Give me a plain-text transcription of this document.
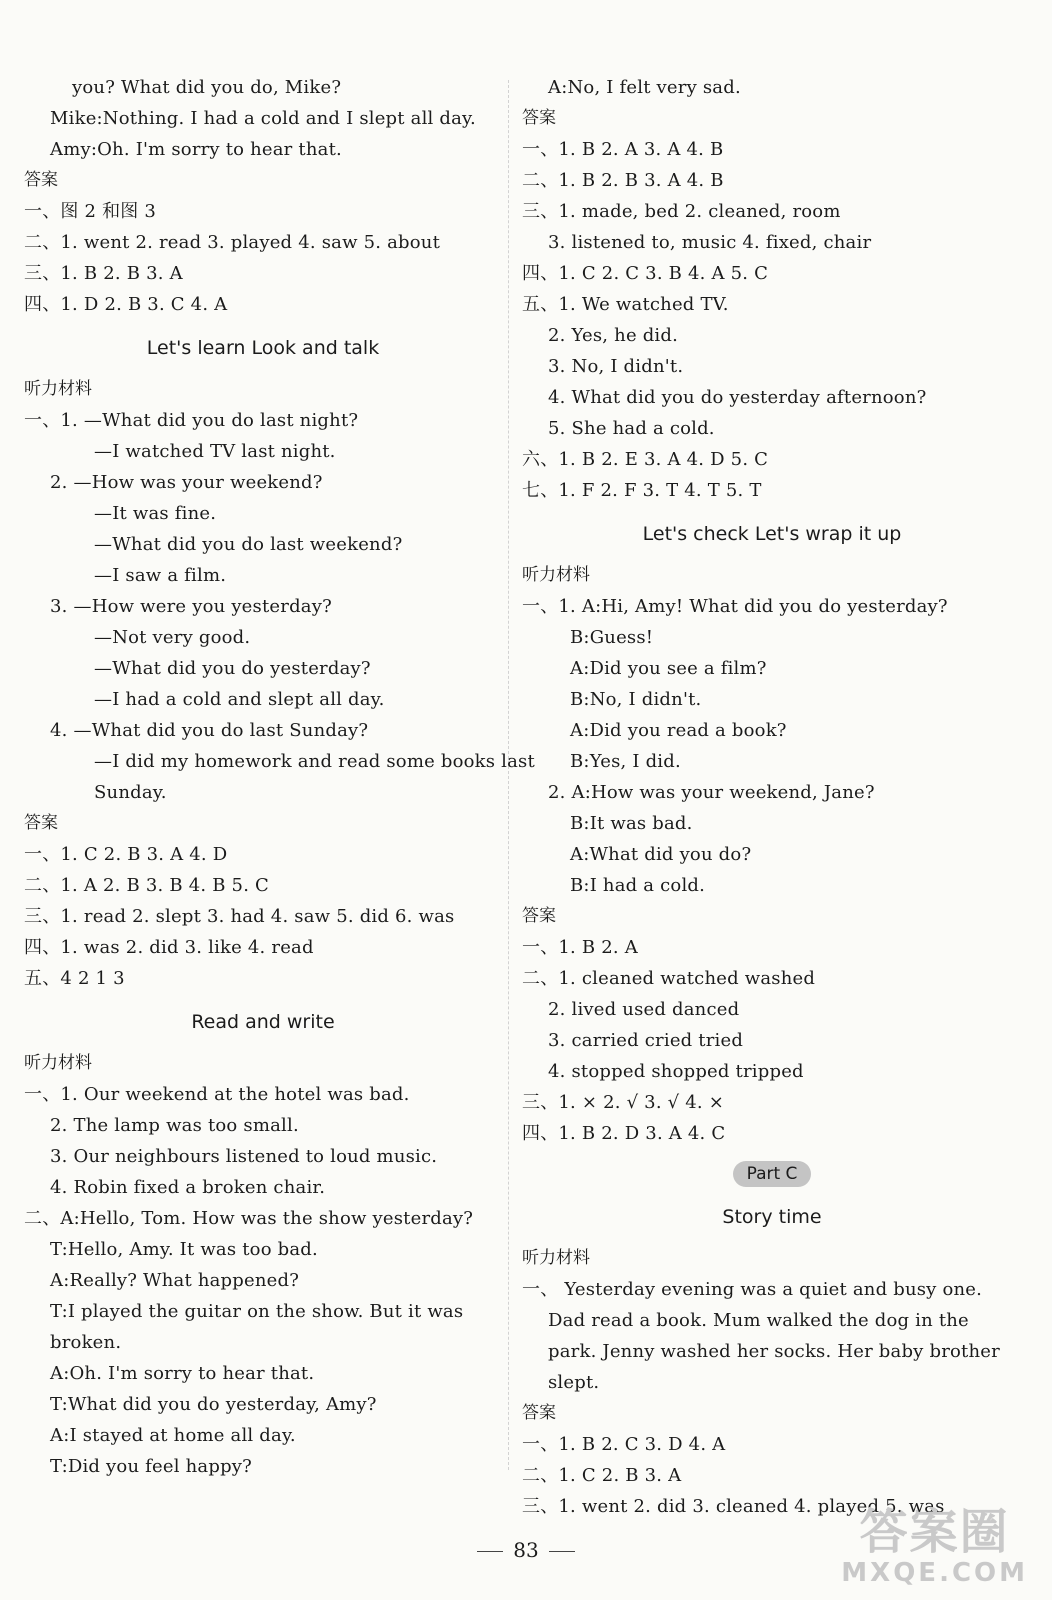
you? What did you do, Mike?
Mike:Nothing. I had a cold and I slept all day.
Amy:Oh. I'm sorry to hear that.
答案
一、图 2 和图 3
二、1. went 2. read 3. played 4. saw 5. about
三、1. B 2. B 3. A
四、1. D 2. B 3. C 4. A
Let's learn Look and talk
听力材料
一、1. —What did you do last night?
—I watched TV last night.
2. —How was your weekend?
—It was fine.
—What did you do last weekend?
—I saw a film.
3. —How were you yesterday?
—Not very good.
—What did you do yesterday?
—I had a cold and slept all day.
4. —What did you do last Sunday?
—I did my homework and read some books last
Sunday.
答案
一、1. C 2. B 3. A 4. D
二、1. A 2. B 3. B 4. B 5. C
三、1. read 2. slept 3. had 4. saw 5. did 6. was
四、1. was 2. did 3. like 4. read
五、4 2 1 3
Read and write
听力材料
一、1. Our weekend at the hotel was bad.
2. The lamp was too small.
3. Our neighbours listened to loud music.
4. Robin fixed a broken chair.
二、A:Hello, Tom. How was the show yesterday?
T:Hello, Amy. It was too bad.
A:Really? What happened?
T:I played the guitar on the show. But it was
broken.
A:Oh. I'm sorry to hear that.
T:What did you do yesterday, Amy?
A:I stayed at home all day.
T:Did you feel happy?
A:No, I felt very sad.
答案
一、1. B 2. A 3. A 4. B
二、1. B 2. B 3. A 4. B
三、1. made, bed 2. cleaned, room
3. listened to, music 4. fixed, chair
四、1. C 2. C 3. B 4. A 5. C
五、1. We watched TV.
2. Yes, he did.
3. No, I didn't.
4. What did you do yesterday afternoon?
5. She had a cold.
六、1. B 2. E 3. A 4. D 5. C
七、1. F 2. F 3. T 4. T 5. T
Let's check Let's wrap it up
听力材料
一、1. A:Hi, Amy! What did you do yesterday?
B:Guess!
A:Did you see a film?
B:No, I didn't.
A:Did you read a book?
B:Yes, I did.
2. A:How was your weekend, Jane?
B:It was bad.
A:What did you do?
B:I had a cold.
答案
一、1. B 2. A
二、1. cleaned watched washed
2. lived used danced
3. carried cried tried
4. stopped shopped tripped
三、1. × 2. √ 3. √ 4. ×
四、1. B 2. D 3. A 4. C
Part C
Story time
听力材料
一、 Yesterday evening was a quiet and busy one.
Dad read a book. Mum walked the dog in the
park. Jenny washed her socks. Her baby brother
slept.
答案
一、1. B 2. C 3. D 4. A
二、1. C 2. B 3. A
三、1. went 2. did 3. cleaned 4. played 5. was
83	答案圈
MXQE.COM
